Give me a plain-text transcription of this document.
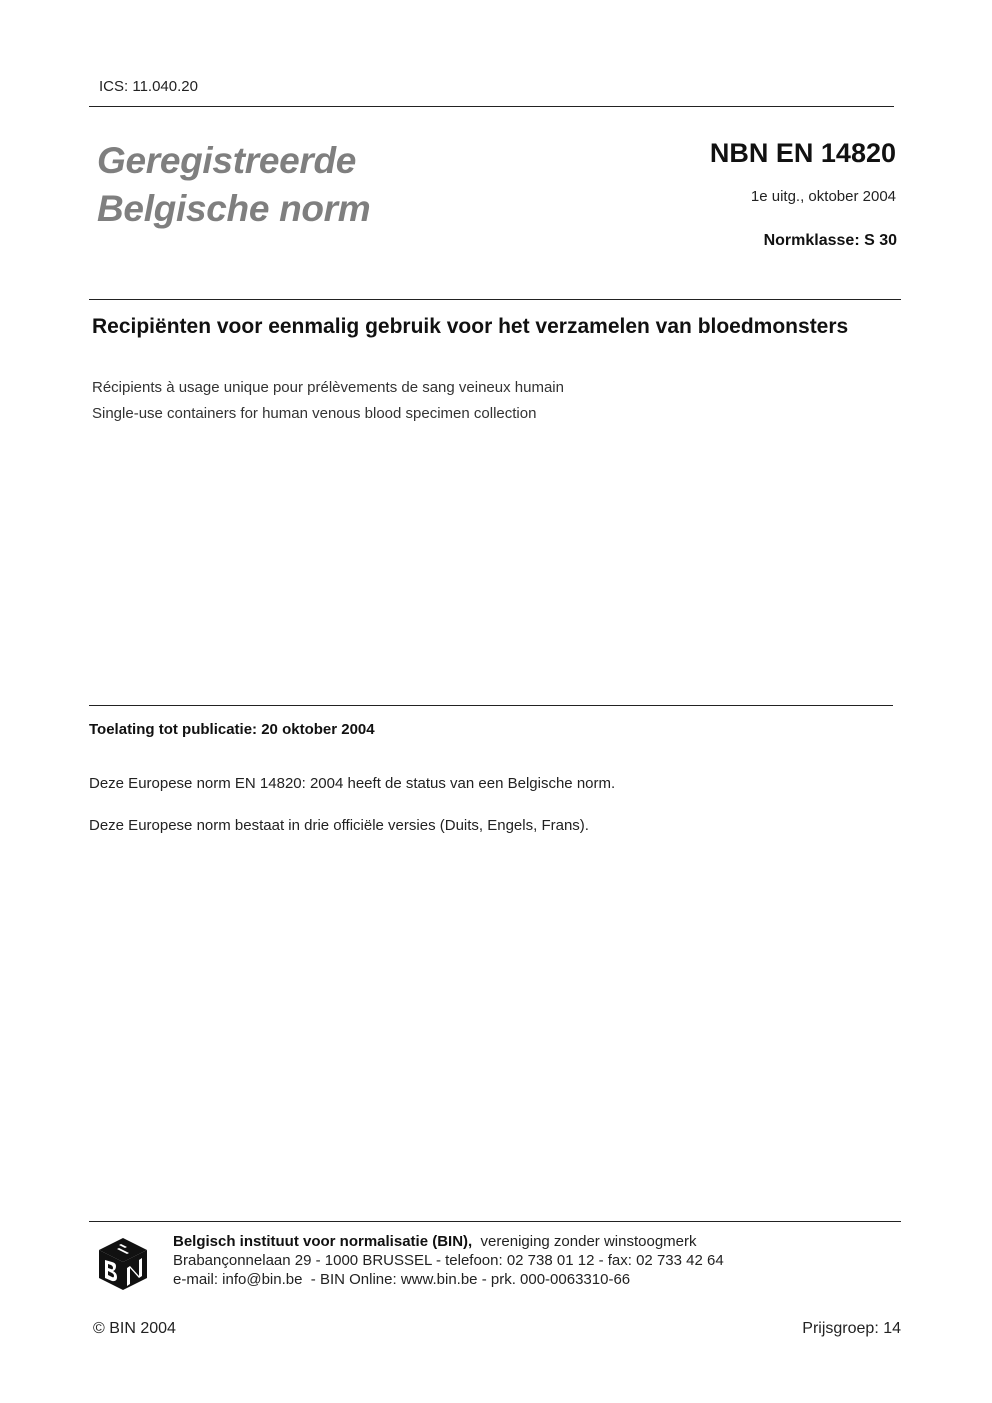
ICS: 11.040.20
Geregistreerde
Belgische norm
NBN EN 14820
1e uitg., oktober 2004
Normklasse: S 30
Recipiënten voor eenmalig gebruik voor het verzamelen van bloedmonsters
Récipients à usage unique pour prélèvements de sang veineux humain
Single-use containers for human venous blood specimen collection
Toelating tot publicatie: 20 oktober 2004
Deze Europese norm EN 14820: 2004 heeft de status van een Belgische norm.
Deze Europese norm bestaat in drie officiële versies (Duits, Engels, Frans).
Belgisch instituut voor normalisatie (BIN), vereniging zonder winstoogmerk
Brabançonnelaan 29 - 1000 BRUSSEL - telefoon: 02 738 01 12 - fax: 02 733 42 64
e-mail: info@bin.be  - BIN Online: www.bin.be - prk. 000-0063310-66
© BIN 2004	Prijsgroep: 14
